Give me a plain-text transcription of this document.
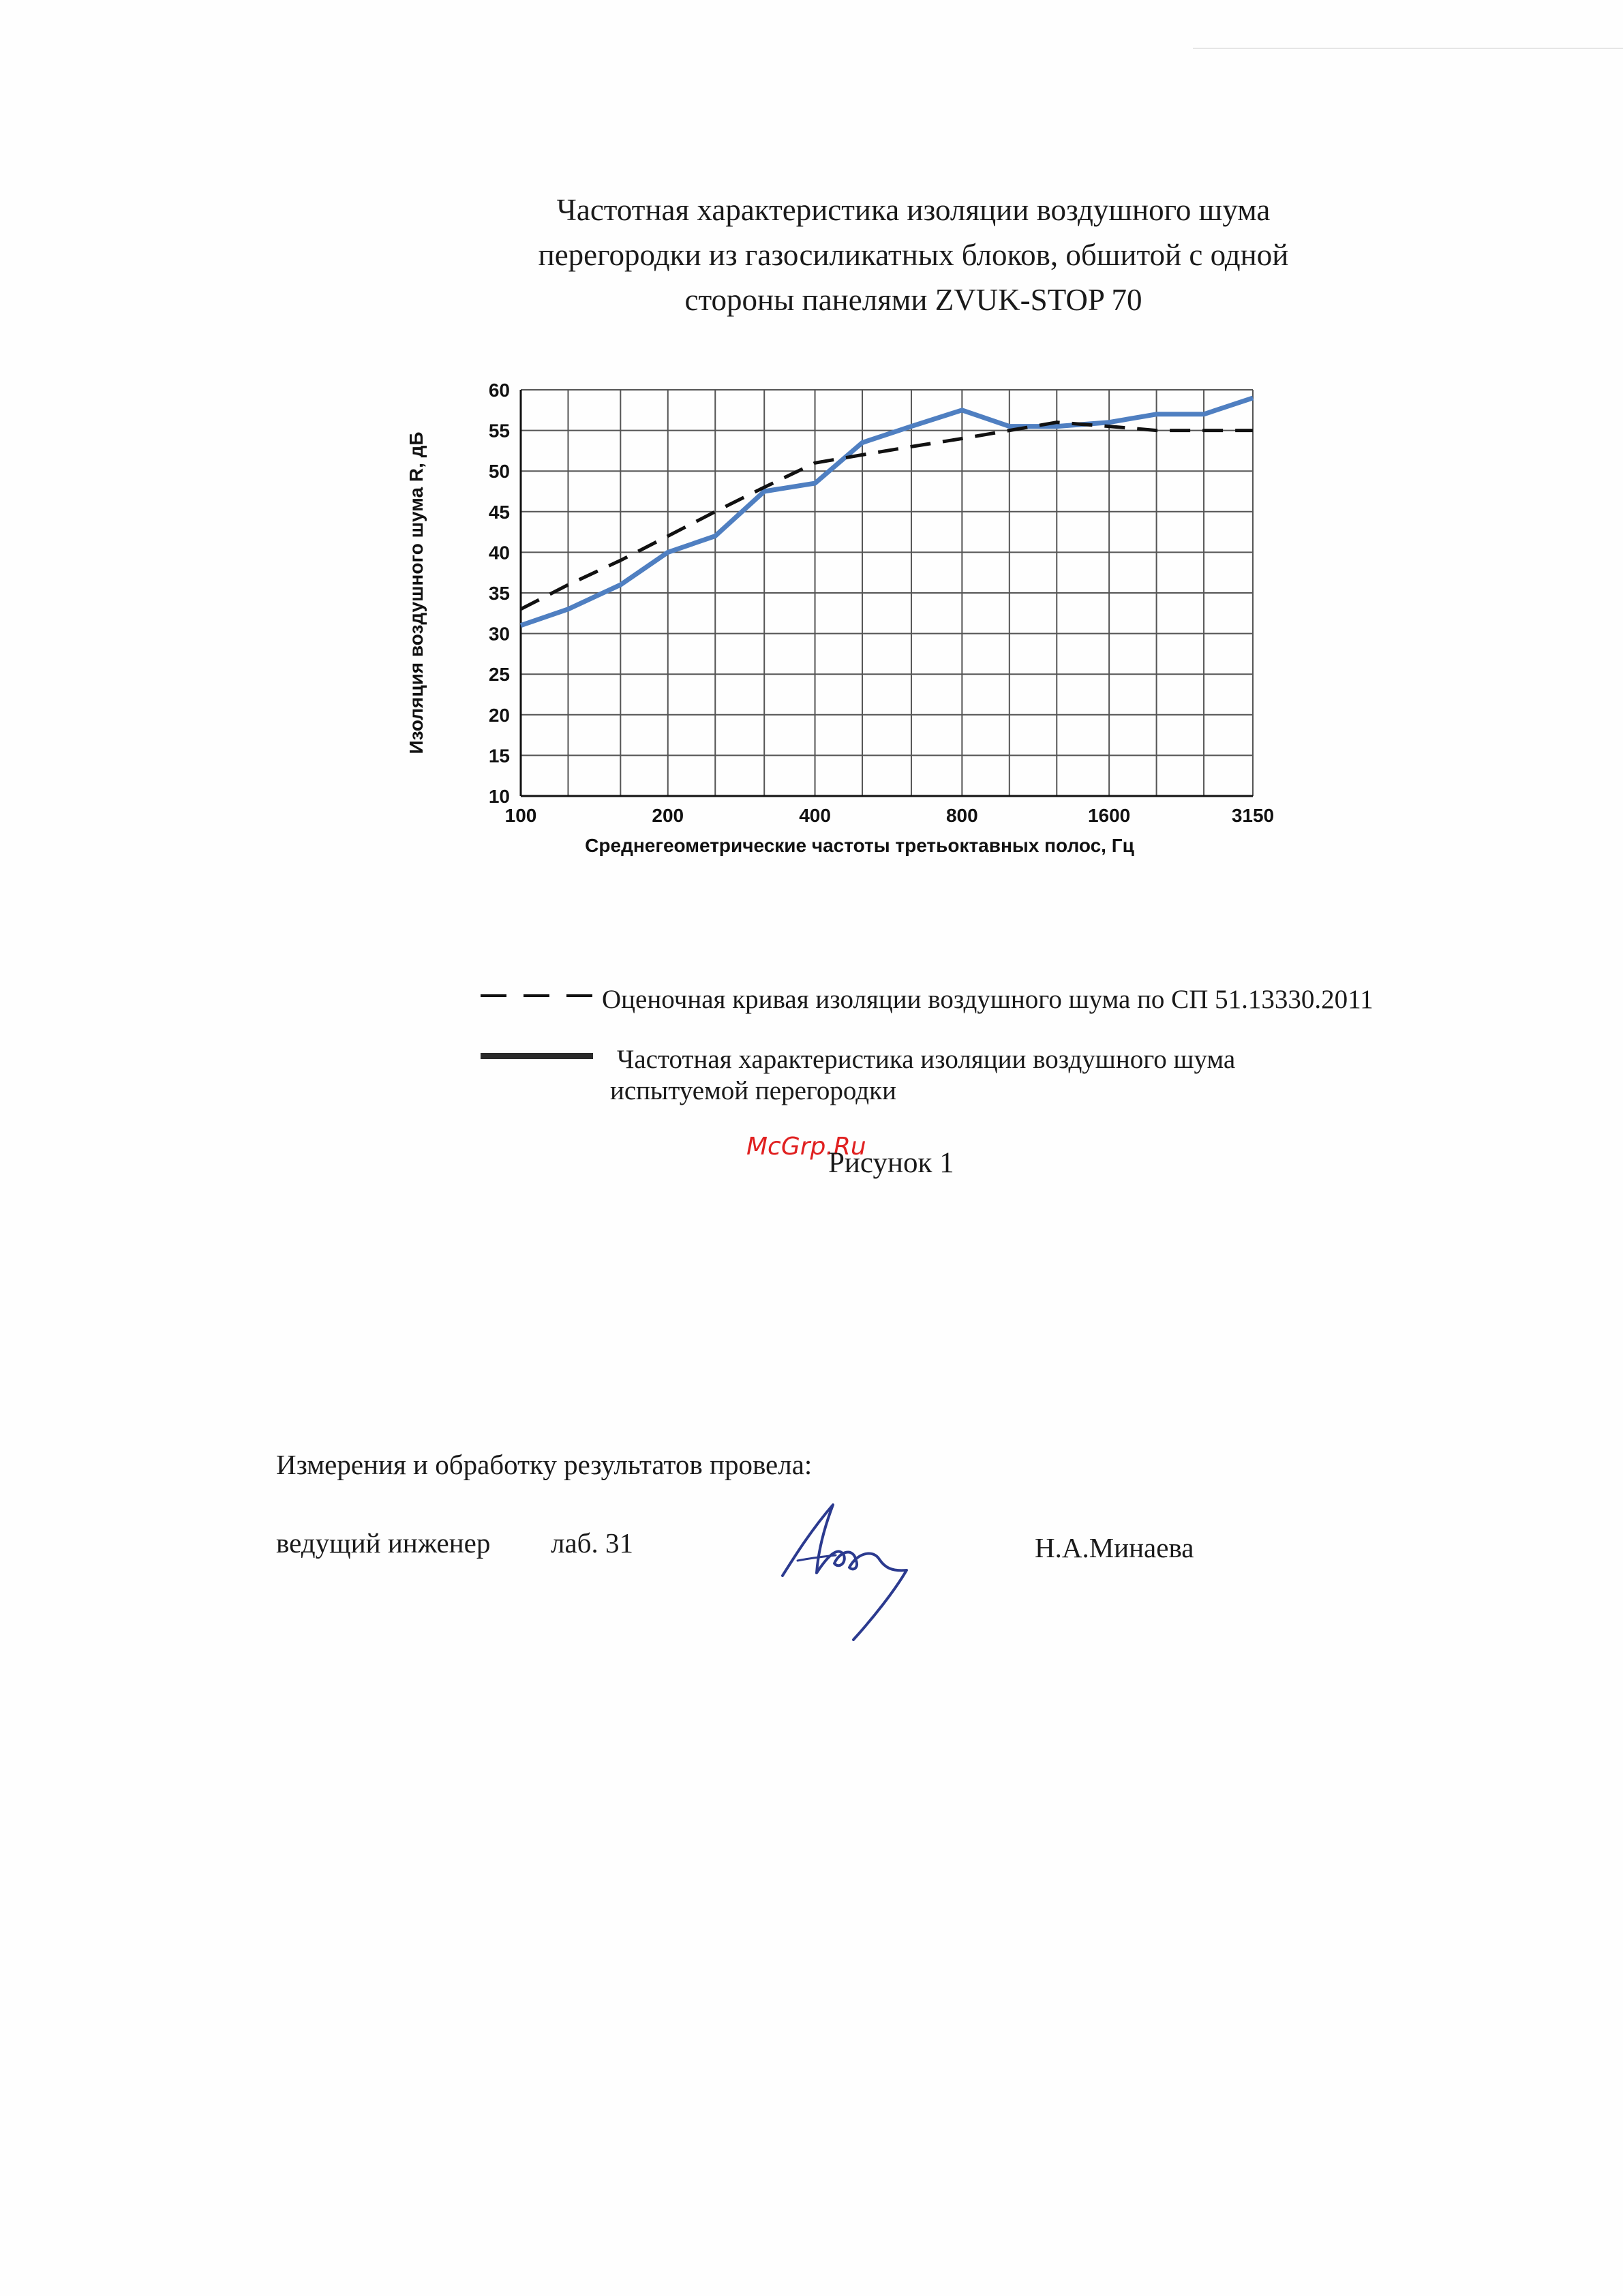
Частотная характеристика изоляции воздушного шума
перегородки из газосиликатных блоков, обшитой с одной
стороны панелями ZVUK-STOP 70
10
15
20
25
30
35
40
45
50
55
60
100	200	400	800	1600	3150
Среднегеометрические частоты третьоктавных полос, Гц
Изоляция воздушного шума R, дБ
Оценочная кривая изоляции воздушного шума по СП 51.13330.2011
Частотная характеристика изоляции воздушного шума
испытуемой перегородки
McGrp.Ru
Рисунок 1
Измерения и обработку результатов провела:
ведущий инженер лаб. 31	Н.А.Минаева
